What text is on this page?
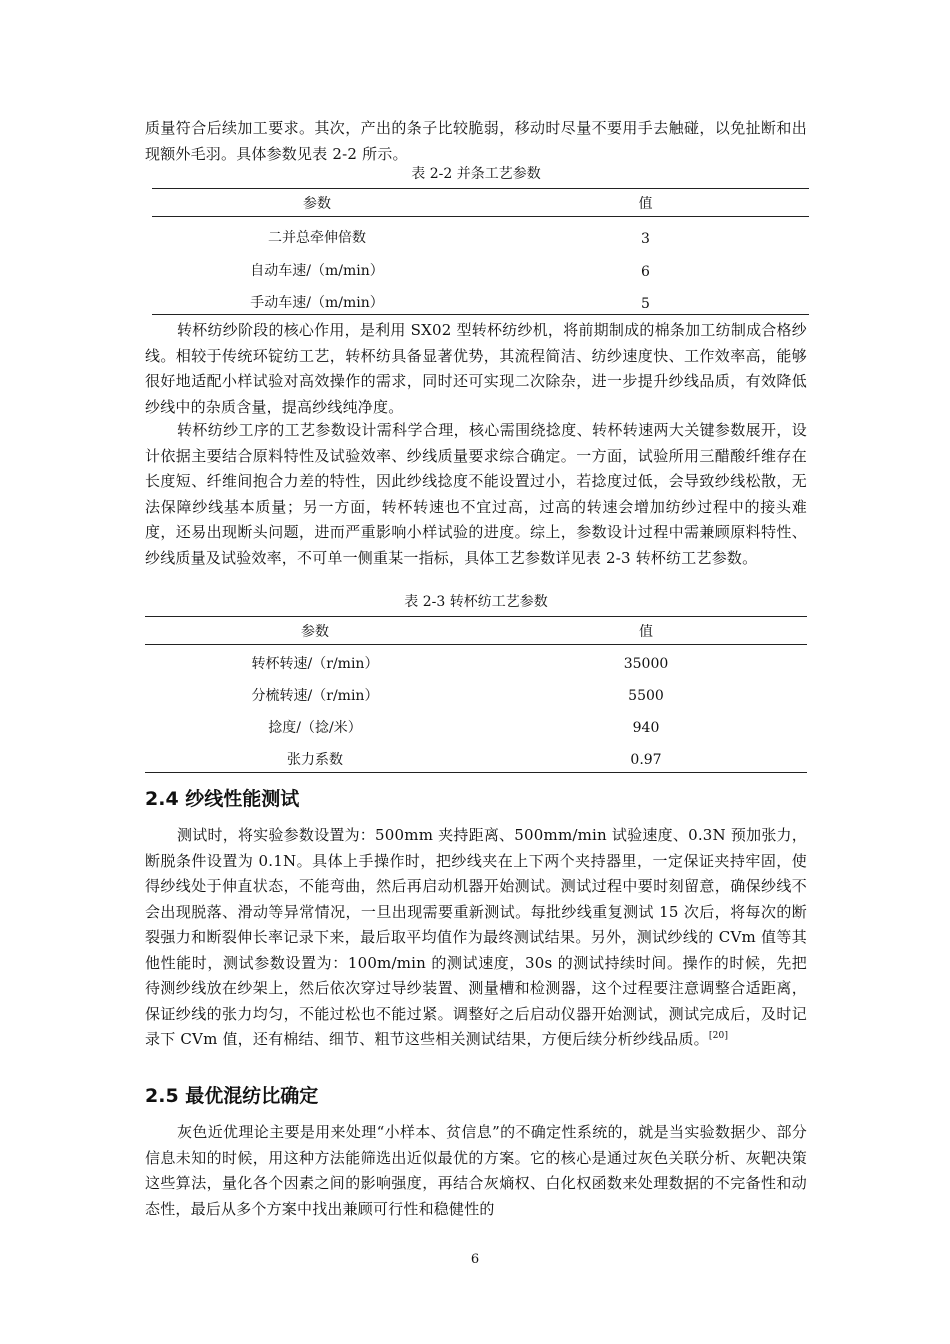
质量符合后续加工要求。其次，产出的条子比较脆弱，移动时尽量不要用手去触碰，以免扯断和出现额外毛羽。具体参数见表 2-2 所示。

表 2-2 并条工艺参数
参数	值
二并总牵伸倍数	3
自动车速/（m/min）	6
手动车速/（m/min）	5

转杯纺纱阶段的核心作用，是利用 SX02 型转杯纺纱机，将前期制成的棉条加工纺制成合格纱线。相较于传统环锭纺工艺，转杯纺具备显著优势，其流程简洁、纺纱速度快、工作效率高，能够很好地适配小样试验对高效操作的需求，同时还可实现二次除杂，进一步提升纱线品质，有效降低纱线中的杂质含量，提高纱线纯净度。

转杯纺纱工序的工艺参数设计需科学合理，核心需围绕捻度、转杯转速两大关键参数展开，设计依据主要结合原料特性及试验效率、纱线质量要求综合确定。一方面，试验所用三醋酸纤维存在长度短、纤维间抱合力差的特性，因此纱线捻度不能设置过小，若捻度过低，会导致纱线松散，无法保障纱线基本质量；另一方面，转杯转速也不宜过高，过高的转速会增加纺纱过程中的接头难度，还易出现断头问题，进而严重影响小样试验的进度。综上，参数设计过程中需兼顾原料特性、纱线质量及试验效率，不可单一侧重某一指标，具体工艺参数详见表 2-3 转杯纺工艺参数。

表 2-3 转杯纺工艺参数
参数	值
转杯转速/（r/min）	35000
分梳转速/（r/min）	5500
捻度/（捻/米）	940
张力系数	0.97
2.4 纱线性能测试

测试时，将实验参数设置为：500mm 夹持距离、500mm/min 试验速度、0.3N 预加张力，断脱条件设置为 0.1N。具体上手操作时，把纱线夹在上下两个夹持器里，一定保证夹持牢固，使得纱线处于伸直状态，不能弯曲，然后再启动机器开始测试。测试过程中要时刻留意，确保纱线不会出现脱落、滑动等异常情况，一旦出现需要重新测试。每批纱线重复测试 15 次后，将每次的断裂强力和断裂伸长率记录下来，最后取平均值作为最终测试结果。另外，测试纱线的 CVm 值等其他性能时，测试参数设置为：100m/min 的测试速度，30s 的测试持续时间。操作的时候，先把待测纱线放在纱架上，然后依次穿过导纱装置、测量槽和检测器，这个过程要注意调整合适距离，保证纱线的张力均匀，不能过松也不能过紧。调整好之后启动仪器开始测试，测试完成后，及时记录下 CVm 值，还有棉结、细节、粗节这些相关测试结果，方便后续分析纱线品质。[20]

2.5 最优混纺比确定

灰色近优理论主要是用来处理“小样本、贫信息”的不确定性系统的，就是当实验数据少、部分信息未知的时候，用这种方法能筛选出近似最优的方案。它的核心是通过灰色关联分析、灰靶决策这些算法，量化各个因素之间的影响强度，再结合灰熵权、白化权函数来处理数据的不完备性和动态性，最后从多个方案中找出兼顾可行性和稳健性的

6
